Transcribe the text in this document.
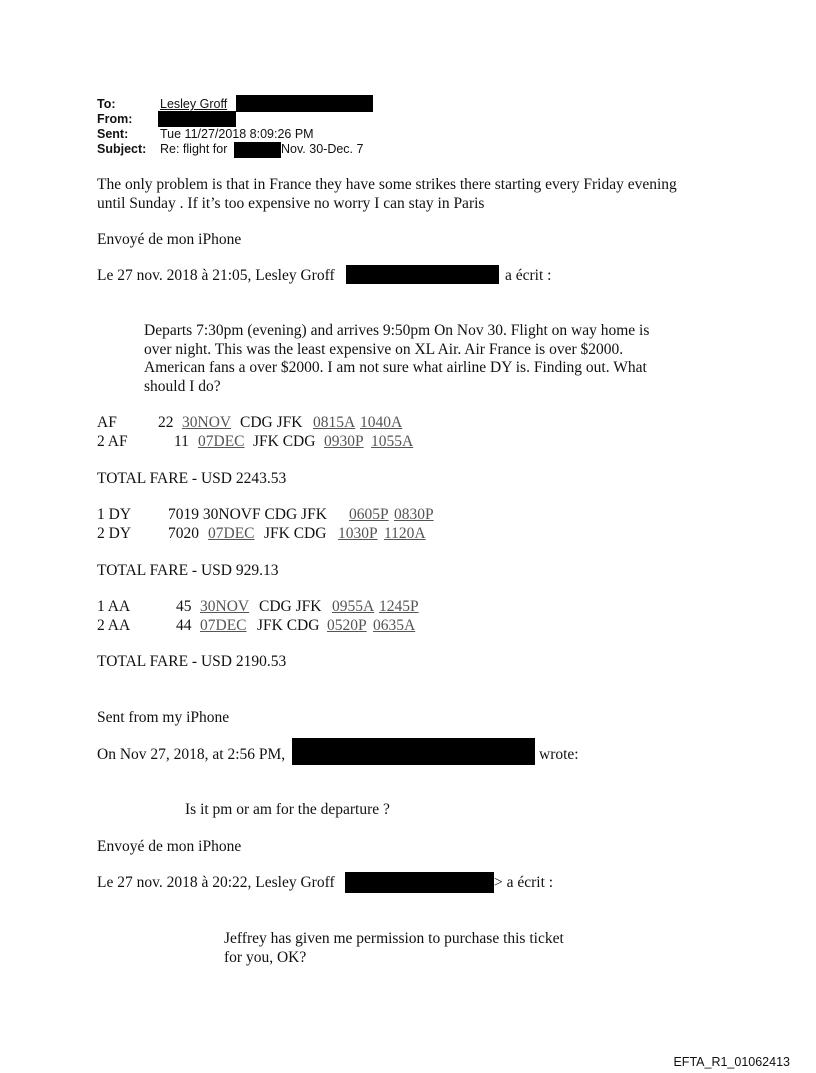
To:	Lesley Groff
From:
Sent:	Tue 11/27/2018 8:09:26 PM
Subject: Re: flight for	Nov. 30-Dec. 7
The only problem is that in France they have some strikes there starting every Friday evening
until Sunday . If it’s too expensive no worry I can stay in Paris
Envoyé de mon iPhone
Le 27 nov. 2018 à 21:05, Lesley Groff	a écrit :
Departs 7:30pm (evening) and arrives 9:50pm On Nov 30. Flight on way home is
over night. This was the least expensive on XL Air. Air France is over $2000.
American fans a over $2000. I am not sure what airline DY is. Finding out. What
should I do?
AF	22 30NOV CDG JFK 0815A 1040A
2 AF	11 07DEC JFK CDG 0930P 1055A
TOTAL FARE - USD 2243.53
1 DY 7019 30NOVF CDG JFK 0605P 0830P
2 DY 7020 07DEC JFK CDG 1030P 1120A
TOTAL FARE - USD 929.13
1 AA	45 30NOV CDG JFK 0955A 1245P
2 AA	44 07DEC JFK CDG 0520P 0635A
TOTAL FARE - USD 2190.53
Sent from my iPhone
On Nov 27, 2018, at 2:56 PM,	wrote:
Is it pm or am for the departure ?
Envoyé de mon iPhone
Le 27 nov. 2018 à 20:22, Lesley Groff	> a écrit :
Jeffrey has given me permission to purchase this ticket
for you, OK?
EFTA_R1_01062413
